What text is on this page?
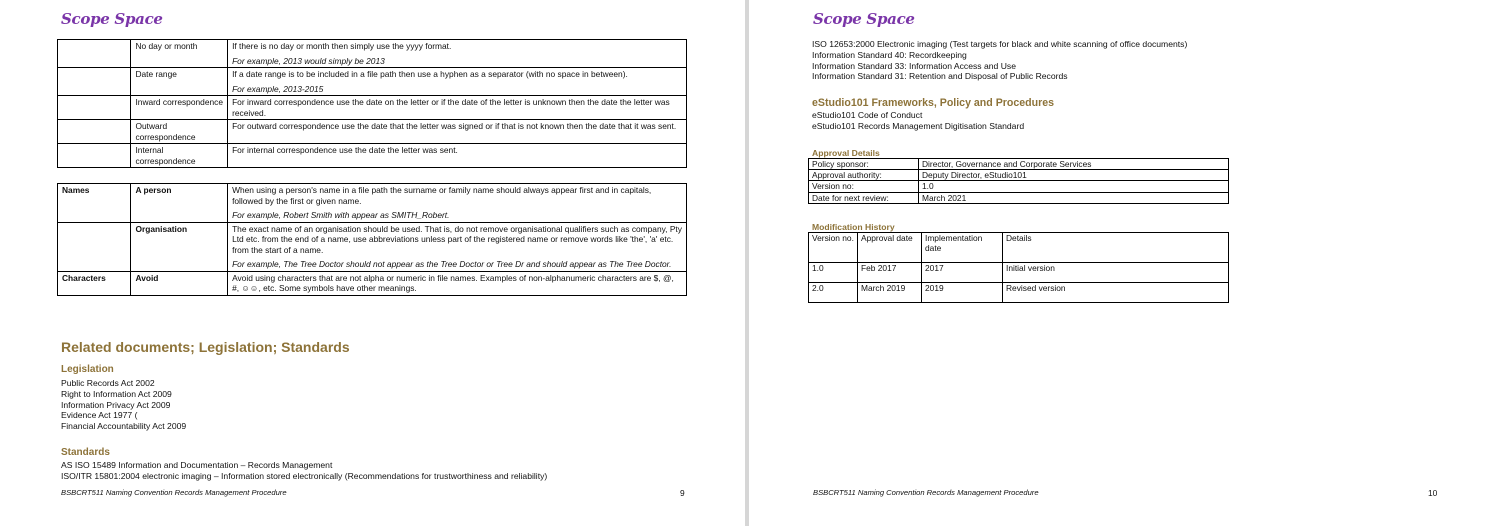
Scope Space
	No day or month	If there is no day or month then simply use the yyyy format.
For example, 2013 would simply be 2013

	Date range	If a date range is to be included in a file path then use a hyphen as a separator (with no space in between).
For example, 2013-2015

	Inward correspondence	For inward correspondence use the date on the letter or if the date of the letter is unknown then the date the letter was received.
	Outward correspondence	For outward correspondence use the date that the letter was signed or if that is not known then the date that it was sent.
	Internal correspondence	For internal correspondence use the date the letter was sent.
Names	A person	When using a person's name in a file path the surname or family name should always appear first and in capitals, followed by the first or given name.
For example, Robert Smith with appear as SMITH_Robert.

	Organisation	The exact name of an organisation should be used. That is, do not remove organisational qualifiers such as company, Pty Ltd etc. from the end of a name, use abbreviations unless part of the registered name or remove words like 'the', 'a' etc. from the start of a name.
For example, The Tree Doctor should not appear as the Tree Doctor or Tree Dr and should appear as The Tree Doctor.

Characters	Avoid	Avoid using characters that are not alpha or numeric in file names. Examples of non-alphanumeric characters are $, @, #, ☺☺, etc. Some symbols have other meanings.
Related documents; Legislation; Standards
Legislation
Public Records Act 2002
Right to Information Act 2009
Information Privacy Act 2009
Evidence Act 1977 (
Financial Accountability Act 2009
Standards
AS ISO 15489 Information and Documentation – Records Management
ISO/ITR 15801:2004 electronic imaging – Information stored electronically (Recommendations for trustworthiness and reliability)
BSBCRT511 Naming Convention Records Management Procedure	9
Scope Space
ISO 12653:2000 Electronic imaging (Test targets for black and white scanning of office documents)
Information Standard 40: Recordkeeping
Information Standard 33: Information Access and Use
Information Standard 31: Retention and Disposal of Public Records
eStudio101 Frameworks, Policy and Procedures
eStudio101 Code of Conduct
eStudio101 Records Management Digitisation Standard
Approval Details
Policy sponsor:	Director, Governance and Corporate Services
Approval authority:	Deputy Director, eStudio101
Version no:	1.0
Date for next review:	March 2021
Modification History
Version no.	Approval date	Implementation date	Details
1.0	Feb 2017	2017	Initial version
2.0	March 2019	2019	Revised version
BSBCRT511 Naming Convention Records Management Procedure	10
